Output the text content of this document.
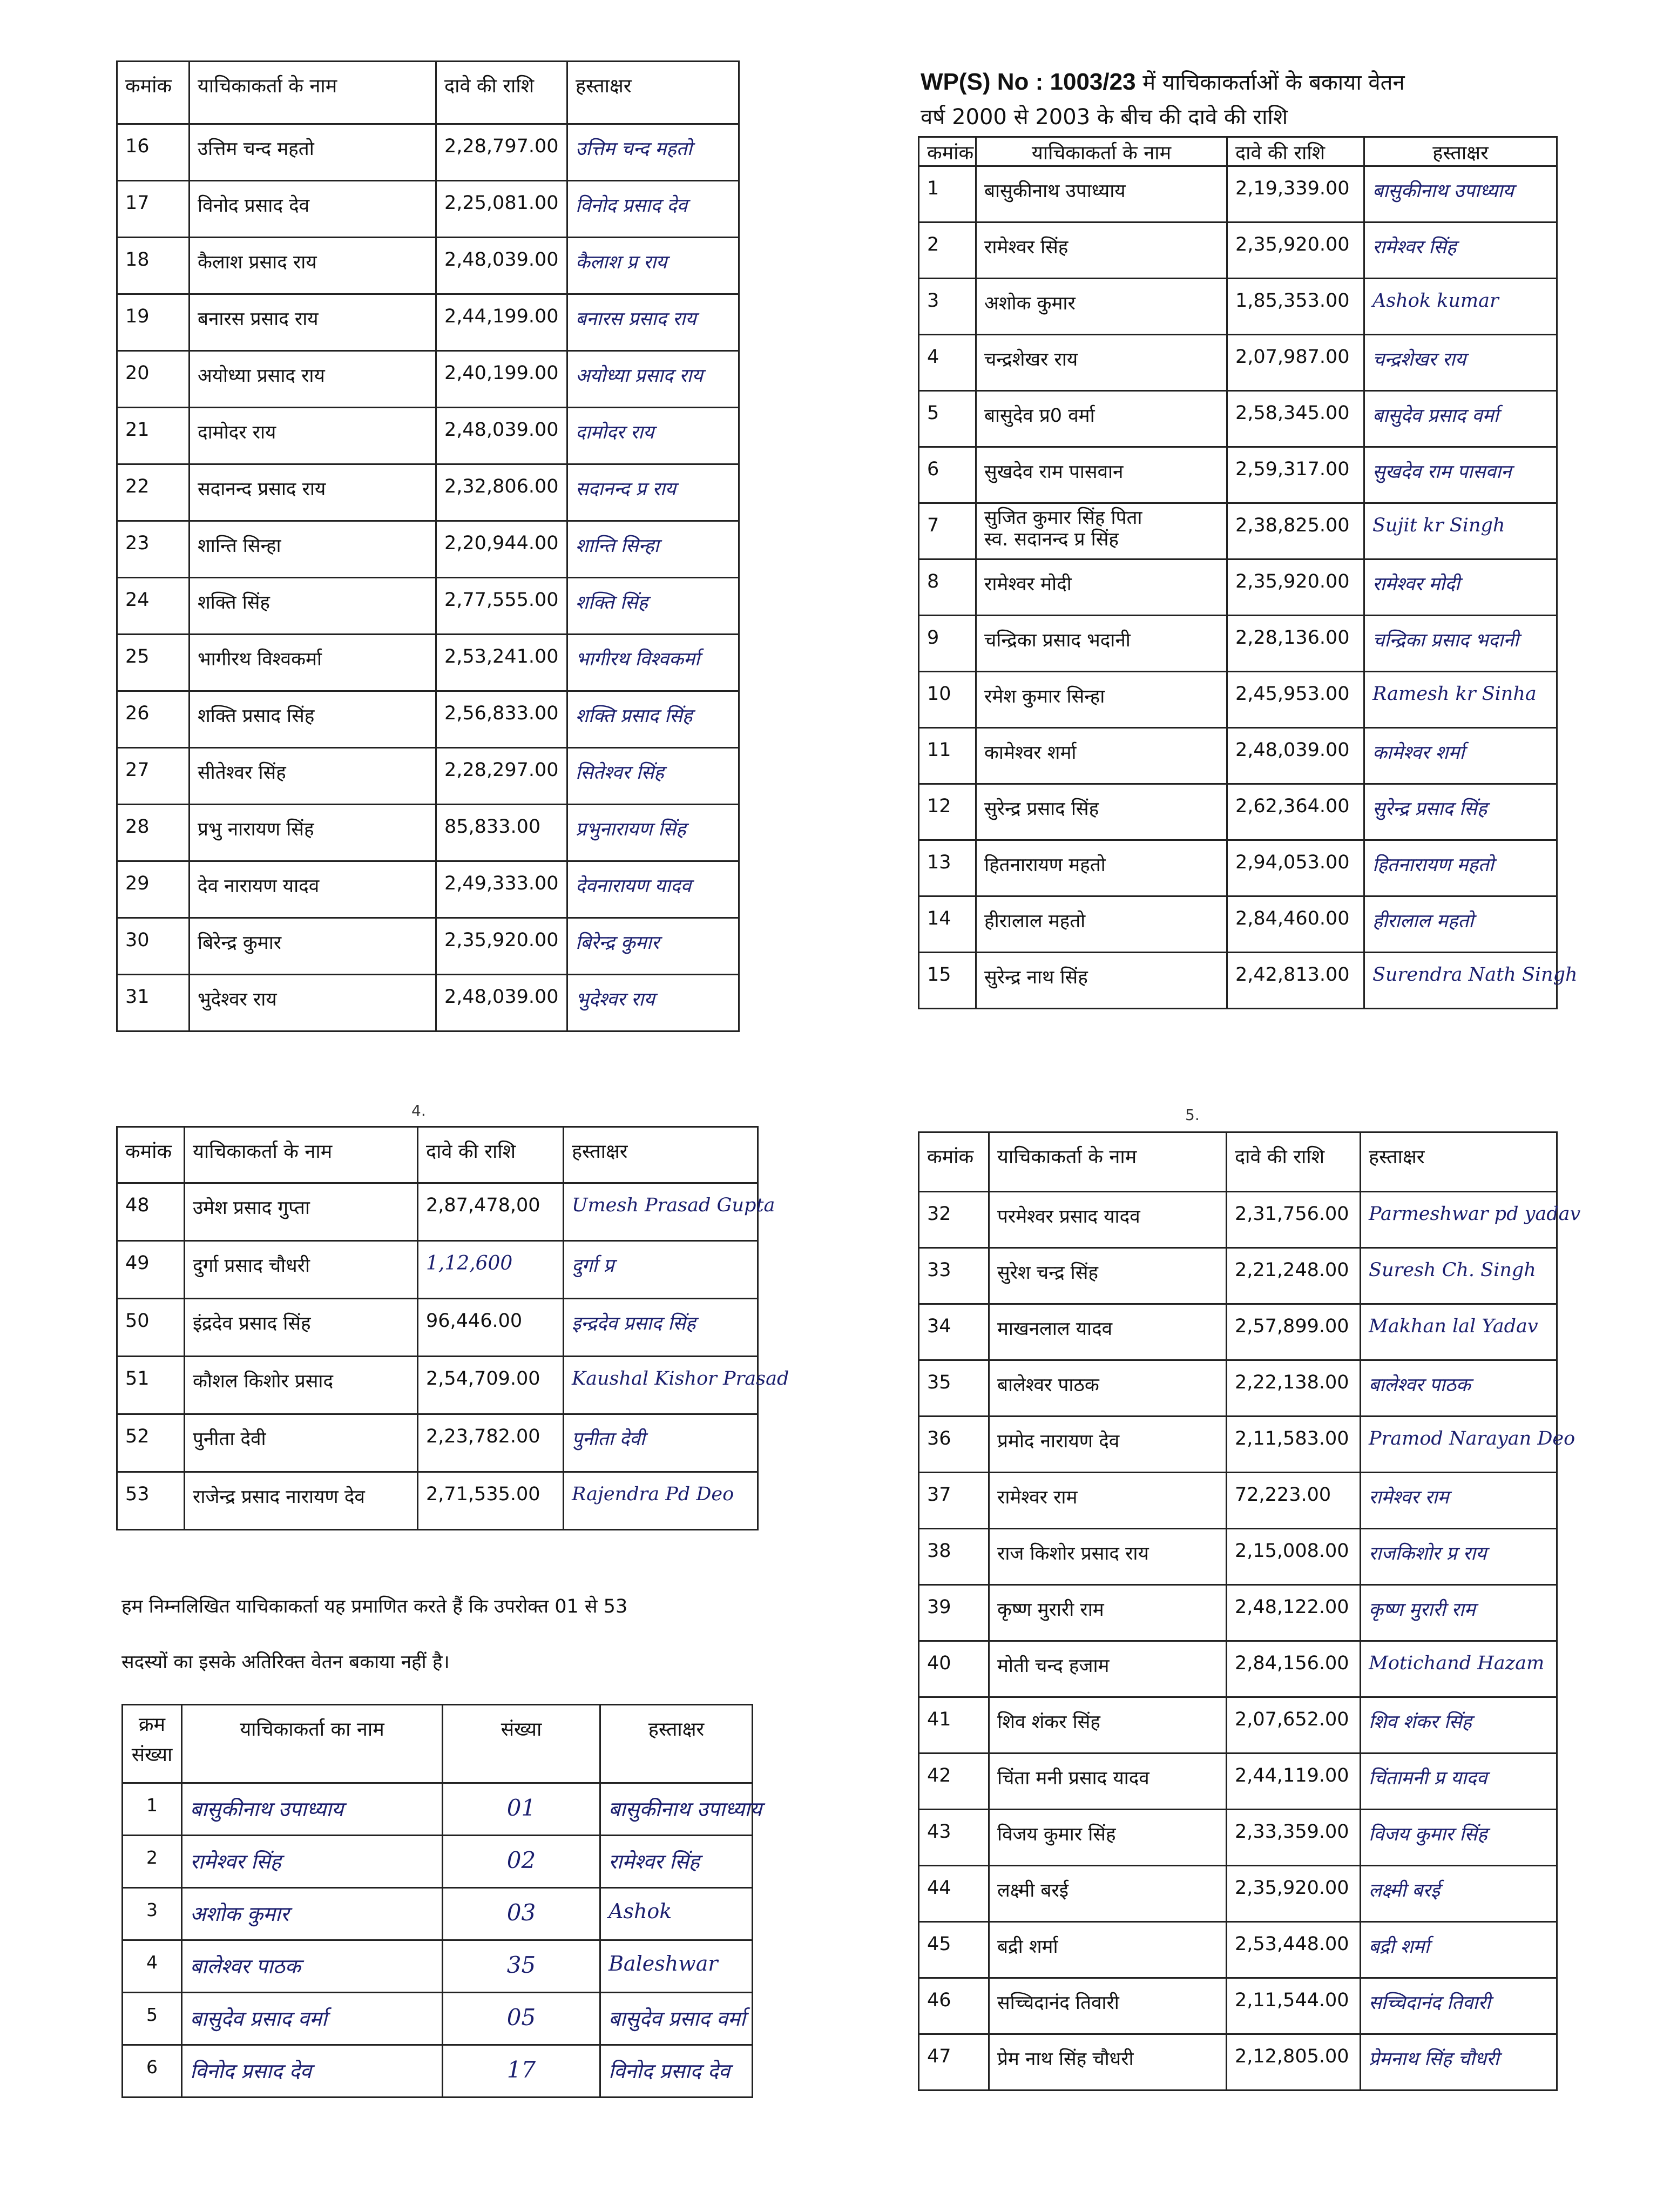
कमांक	याचिकाकर्ता के नाम	दावे की राशि	हस्ताक्षर
16	उत्तिम चन्द महतो	2,28,797.00	उत्तिम चन्द महतो
17	विनोद प्रसाद देव	2,25,081.00	विनोद प्रसाद देव
18	कैलाश प्रसाद राय	2,48,039.00	कैलाश प्र राय
19	बनारस प्रसाद राय	2,44,199.00	बनारस प्रसाद राय
20	अयोध्या प्रसाद राय	2,40,199.00	अयोध्या प्रसाद राय
21	दामोदर राय	2,48,039.00	दामोदर राय
22	सदानन्द प्रसाद राय	2,32,806.00	सदानन्द प्र राय
23	शान्ति सिन्हा	2,20,944.00	शान्ति सिन्हा
24	शक्ति सिंह	2,77,555.00	शक्ति सिंह
25	भागीरथ विश्वकर्मा	2,53,241.00	भागीरथ विश्वकर्मा
26	शक्ति प्रसाद सिंह	2,56,833.00	शक्ति प्रसाद सिंह
27	सीतेश्वर सिंह	2,28,297.00	सितेश्वर सिंह
28	प्रभु नारायण सिंह	85,833.00	प्रभुनारायण सिंह
29	देव नारायण यादव	2,49,333.00	देवनारायण यादव
30	बिरेन्द्र कुमार	2,35,920.00	बिरेन्द्र कुमार
31	भुदेश्वर राय	2,48,039.00	भुदेश्वर राय
WP(S) No : 1003/23 में याचिकाकर्ताओं के बकाया वेतन
वर्ष 2000 से 2003 के बीच की दावे की राशि
कमांक	याचिकाकर्ता के नाम	दावे की राशि	हस्ताक्षर
1	बासुकीनाथ उपाध्याय	2,19,339.00	बासुकीनाथ उपाध्याय
2	रामेश्वर सिंह	2,35,920.00	रामेश्वर सिंह
3	अशोक कुमार	1,85,353.00	Ashok kumar
4	चन्द्रशेखर राय	2,07,987.00	चन्द्रशेखर राय
5	बासुदेव प्र0 वर्मा	2,58,345.00	बासुदेव प्रसाद वर्मा
6	सुखदेव राम पासवान	2,59,317.00	सुखदेव राम पासवान
7	सुजित कुमार सिंह पिता
स्व. सदानन्द प्र सिंह	2,38,825.00	Sujit kr Singh
8	रामेश्वर मोदी	2,35,920.00	रामेश्वर मोदी
9	चन्द्रिका प्रसाद भदानी	2,28,136.00	चन्द्रिका प्रसाद भदानी
10	रमेश कुमार सिन्हा	2,45,953.00	Ramesh kr Sinha
11	कामेश्वर शर्मा	2,48,039.00	कामेश्वर शर्मा
12	सुरेन्द्र प्रसाद सिंह	2,62,364.00	सुरेन्द्र प्रसाद सिंह
13	हितनारायण महतो	2,94,053.00	हितनारायण महतो
14	हीरालाल महतो	2,84,460.00	हीरालाल महतो
15	सुरेन्द्र नाथ सिंह	2,42,813.00	Surendra Nath Singh
4.	5.
कमांक	याचिकाकर्ता के नाम	दावे की राशि	हस्ताक्षर
48	उमेश प्रसाद गुप्ता	2,87,478,00	Umesh Prasad Gupta
49	दुर्गा प्रसाद चौधरी	1,12,600	दुर्गा प्र
50	इंद्रदेव प्रसाद सिंह	96,446.00	इन्द्रदेव प्रसाद सिंह
51	कौशल किशोर प्रसाद	2,54,709.00	Kaushal Kishor Prasad
52	पुनीता देवी	2,23,782.00	पुनीता देवी
53	राजेन्द्र प्रसाद नारायण देव	2,71,535.00	Rajendra Pd Deo
हम निम्नलिखित याचिकाकर्ता यह प्रमाणित करते हैं कि उपरोक्त 01 से 53
सदस्यों का इसके अतिरिक्त वेतन बकाया नहीं है।
क्रम
संख्या	याचिकाकर्ता का नाम	संख्या	हस्ताक्षर
1	बासुकीनाथ उपाध्याय	01	बासुकीनाथ उपाध्याय
2	रामेश्वर सिंह	02	रामेश्वर सिंह
3	अशोक कुमार	03	Ashok
4	बालेश्वर पाठक	35	Baleshwar
5	बासुदेव प्रसाद वर्मा	05	बासुदेव प्रसाद वर्मा
6	विनोद प्रसाद देव	17	विनोद प्रसाद देव
कमांक	याचिकाकर्ता के नाम	दावे की राशि	हस्ताक्षर
32	परमेश्वर प्रसाद यादव	2,31,756.00	Parmeshwar pd yadav
33	सुरेश चन्द्र सिंह	2,21,248.00	Suresh Ch. Singh
34	माखनलाल यादव	2,57,899.00	Makhan lal Yadav
35	बालेश्वर पाठक	2,22,138.00	बालेश्वर पाठक
36	प्रमोद नारायण देव	2,11,583.00	Pramod Narayan Deo
37	रामेश्वर राम	72,223.00	रामेश्वर राम
38	राज किशोर प्रसाद राय	2,15,008.00	राजकिशोर प्र राय
39	कृष्ण मुरारी राम	2,48,122.00	कृष्ण मुरारी राम
40	मोती चन्द हजाम	2,84,156.00	Motichand Hazam
41	शिव शंकर सिंह	2,07,652.00	शिव शंकर सिंह
42	चिंता मनी प्रसाद यादव	2,44,119.00	चिंतामनी प्र यादव
43	विजय कुमार सिंह	2,33,359.00	विजय कुमार सिंह
44	लक्ष्मी बरई	2,35,920.00	लक्ष्मी बरई
45	बद्री शर्मा	2,53,448.00	बद्री शर्मा
46	सच्चिदानंद तिवारी	2,11,544.00	सच्चिदानंद तिवारी
47	प्रेम नाथ सिंह चौधरी	2,12,805.00	प्रेमनाथ सिंह चौधरी
